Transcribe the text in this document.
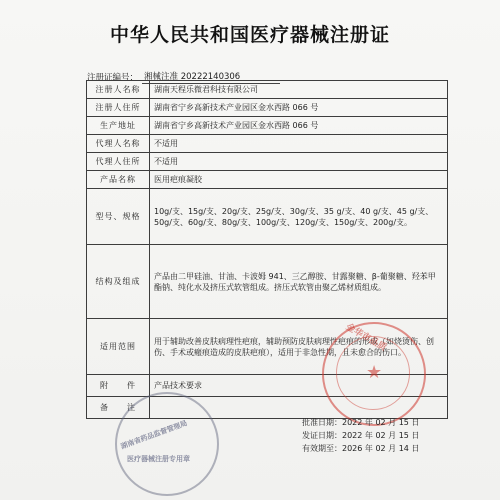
中华人民共和国医疗器械注册证
注册证编号： 湘械注准 20222140306
注册人名称	湖南天程乐微君科技有限公司
注册人住所	湖南省宁乡高新技术产业园区金水西路 066 号
生产地址	湖南省宁乡高新技术产业园区金水西路 066 号
代理人名称	不适用
代理人住所	不适用
产品名称	医用疤痕凝胶
型号、规格	10g/支、15g/支、20g/支、25g/支、30g/支、35 g/支、40 g/支、45 g/支、50g/支、60g/支、80g/支、100g/支、120g/支、150g/支、200g/支。
结构及组成	产品由二甲硅油、甘油、卡波姆 941、三乙醇胺、甘露聚糖、β-葡聚糖、羟苯甲酯钠、纯化水及挤压式软管组成。挤压式软管由聚乙烯材质组成。
适用范围	用于辅助改善皮肤病理性疤痕，辅助预防皮肤病理性疤痕的形成（如烧烫伤、创伤、手术或瘢痕造成的皮肤疤痕），适用于非急性期，且未愈合的伤口。
附　　件	产品技术要求
备　　注	
金华市品质
★
湖南省药品监督管理局
医疗器械注册专用章
批准日期：2022 年 02 月 15 日
发证日期：2022 年 02 月 15 日
有效期至：2026 年 02 月 14 日
